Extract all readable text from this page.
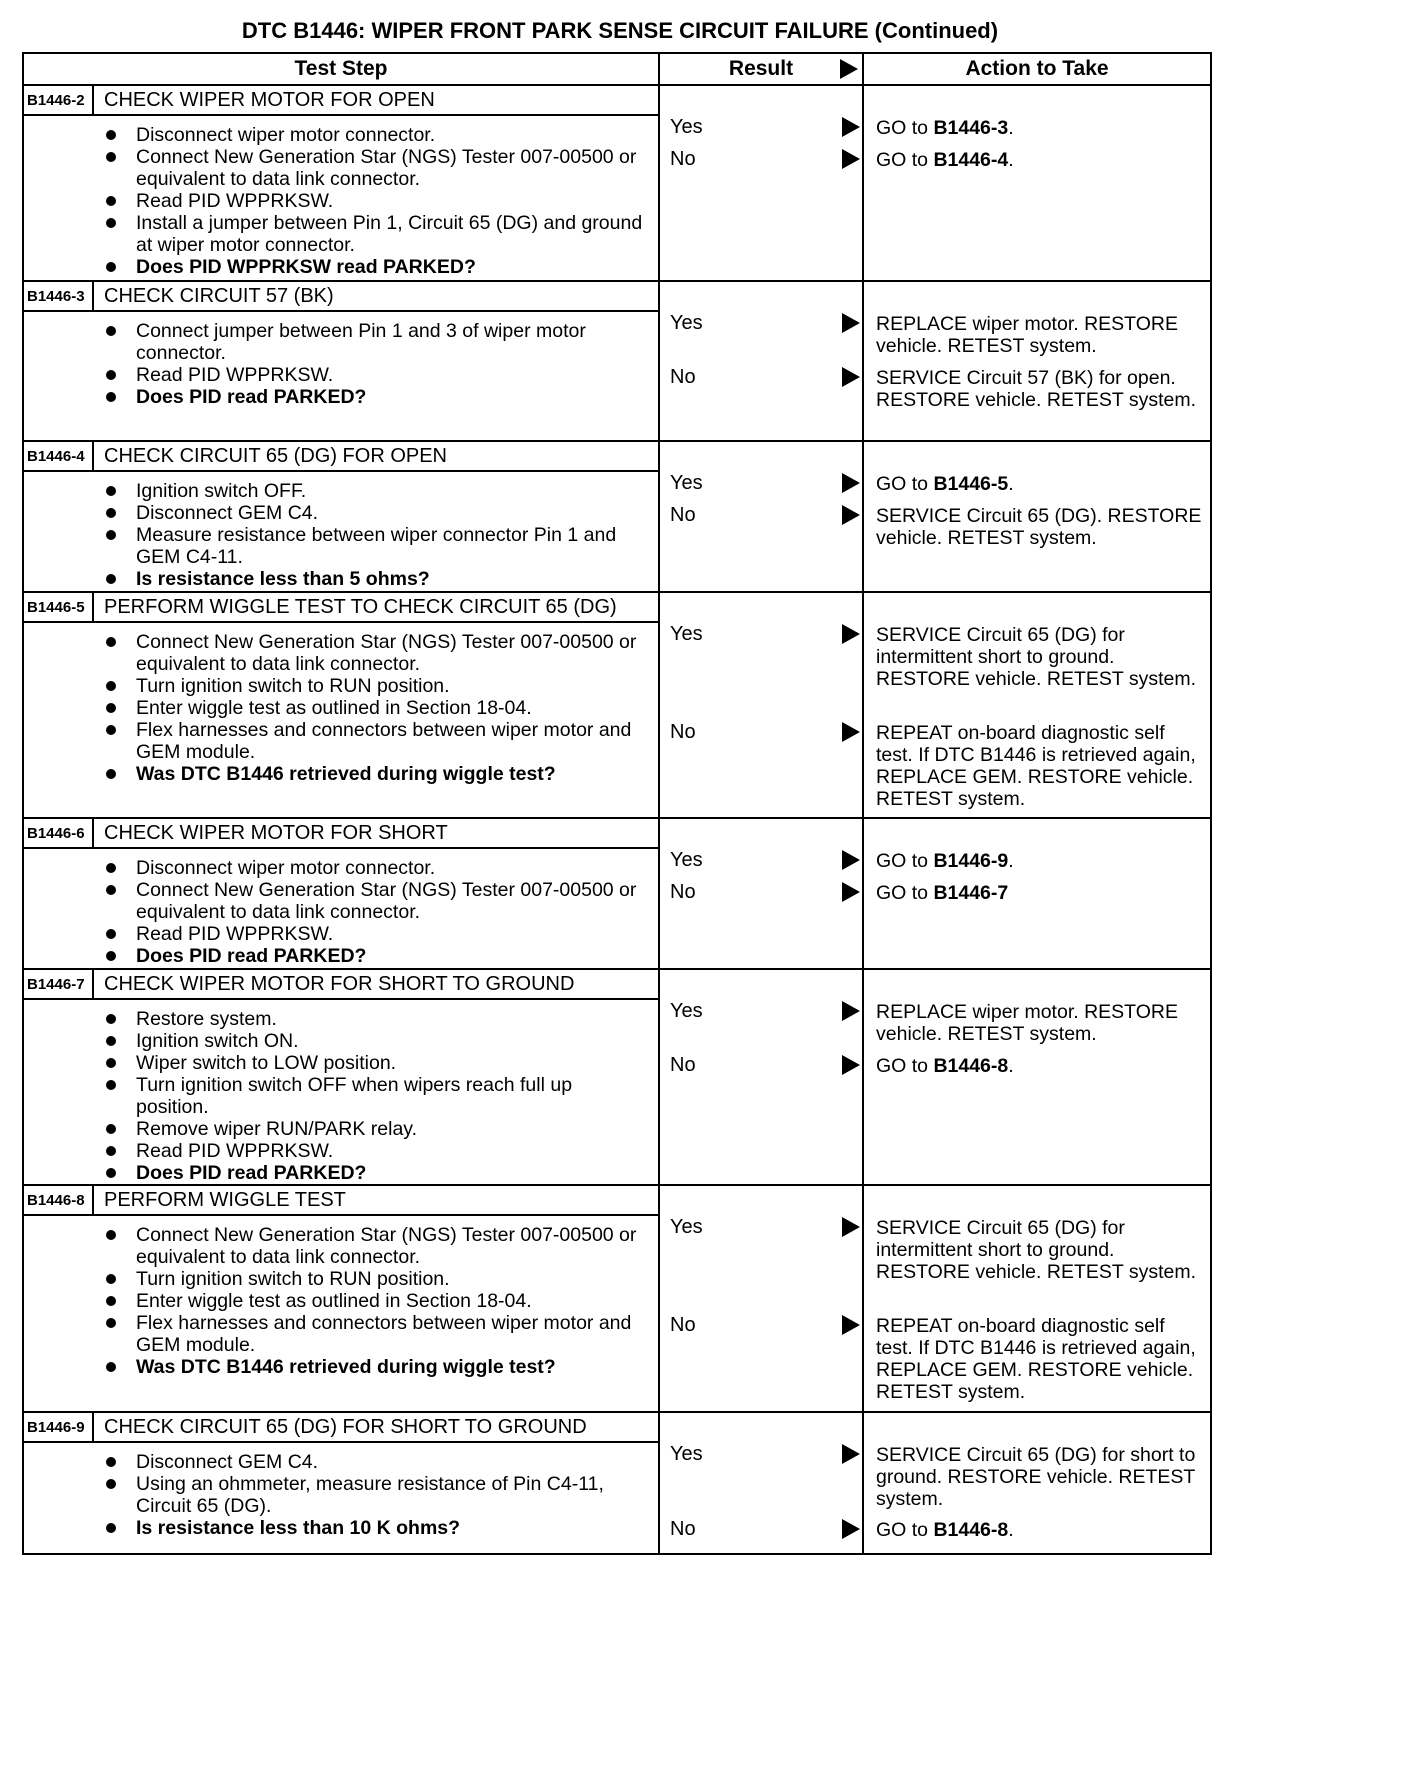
DTC B1446: WIPER FRONT PARK SENSE CIRCUIT FAILURE (Continued)
Test Step	Result	Action to Take
B1446-2 CHECK WIPER MOTOR FOR OPEN
Disconnect wiper motor connector.
Connect New Generation Star (NGS) Tester 007-00500 or equivalent to data link connector.
Read PID WPPRKSW.
Install a jumper between Pin 1, Circuit 65 (DG) and ground at wiper motor connector.
Does PID WPPRKSW read PARKED?
Yes
No
GO to B1446-3.
GO to B1446-4.
B1446-3 CHECK CIRCUIT 57 (BK)
Connect jumper between Pin 1 and 3 of wiper motor connector.
Read PID WPPRKSW.
Does PID read PARKED?
Yes
No
REPLACE wiper motor. RESTORE vehicle. RETEST system.
SERVICE Circuit 57 (BK) for open. RESTORE vehicle. RETEST system.
B1446-4 CHECK CIRCUIT 65 (DG) FOR OPEN
Ignition switch OFF.
Disconnect GEM C4.
Measure resistance between wiper connector Pin 1 and GEM C4-11.
Is resistance less than 5 ohms?
Yes
No
GO to B1446-5.
SERVICE Circuit 65 (DG). RESTORE vehicle. RETEST system.
B1446-5 PERFORM WIGGLE TEST TO CHECK CIRCUIT 65 (DG)
Connect New Generation Star (NGS) Tester 007-00500 or equivalent to data link connector.
Turn ignition switch to RUN position.
Enter wiggle test as outlined in Section 18-04.
Flex harnesses and connectors between wiper motor and GEM module.
Was DTC B1446 retrieved during wiggle test?
Yes
No
SERVICE Circuit 65 (DG) for intermittent short to ground. RESTORE vehicle. RETEST system.
REPEAT on-board diagnostic self test. If DTC B1446 is retrieved again, REPLACE GEM. RESTORE vehicle. RETEST system.
B1446-6 CHECK WIPER MOTOR FOR SHORT
Disconnect wiper motor connector.
Connect New Generation Star (NGS) Tester 007-00500 or equivalent to data link connector.
Read PID WPPRKSW.
Does PID read PARKED?
Yes
No
GO to B1446-9.
GO to B1446-7
B1446-7 CHECK WIPER MOTOR FOR SHORT TO GROUND
Restore system.
Ignition switch ON.
Wiper switch to LOW position.
Turn ignition switch OFF when wipers reach full up position.
Remove wiper RUN/PARK relay.
Read PID WPPRKSW.
Does PID read PARKED?
Yes
No
REPLACE wiper motor. RESTORE vehicle. RETEST system.
GO to B1446-8.
B1446-8 PERFORM WIGGLE TEST
Connect New Generation Star (NGS) Tester 007-00500 or equivalent to data link connector.
Turn ignition switch to RUN position.
Enter wiggle test as outlined in Section 18-04.
Flex harnesses and connectors between wiper motor and GEM module.
Was DTC B1446 retrieved during wiggle test?
Yes
No
SERVICE Circuit 65 (DG) for intermittent short to ground. RESTORE vehicle. RETEST system.
REPEAT on-board diagnostic self test. If DTC B1446 is retrieved again, REPLACE GEM. RESTORE vehicle. RETEST system.
B1446-9 CHECK CIRCUIT 65 (DG) FOR SHORT TO GROUND
Disconnect GEM C4.
Using an ohmmeter, measure resistance of Pin C4-11, Circuit 65 (DG).
Is resistance less than 10 K ohms?
Yes
No
SERVICE Circuit 65 (DG) for short to ground. RESTORE vehicle. RETEST system.
GO to B1446-8.
